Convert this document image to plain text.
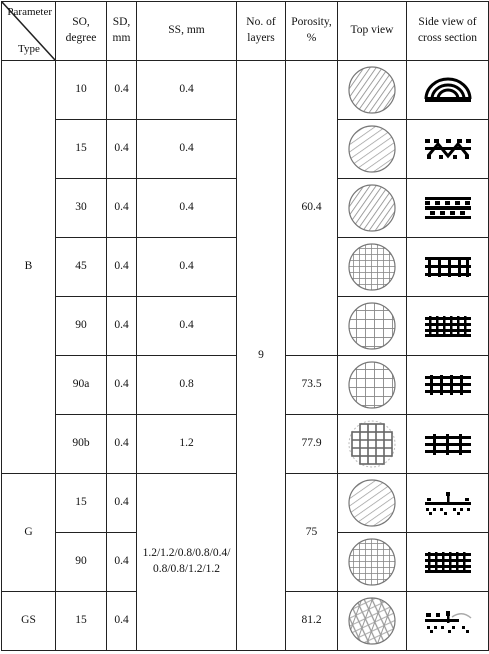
Parameter
Type	SO, degree	SD, mm	SS, mm	No. of layers	Porosity, %	Top view	Side view of cross section
B	10	0.4	0.4	9	60.4	

	15	0.4	0.4	

	30	0.4	0.4	

	45	0.4	0.4	

	90	0.4	0.4	

	90a	0.4	0.8		73.5	

	90b	0.4	1.2		77.9	

G	15	0.4	1.2/1.2/0.8/0.8/0.4/ 0.8/0.8/1.2/1.2		75	

	90	0.4	

GS	15	0.4			81.2	
